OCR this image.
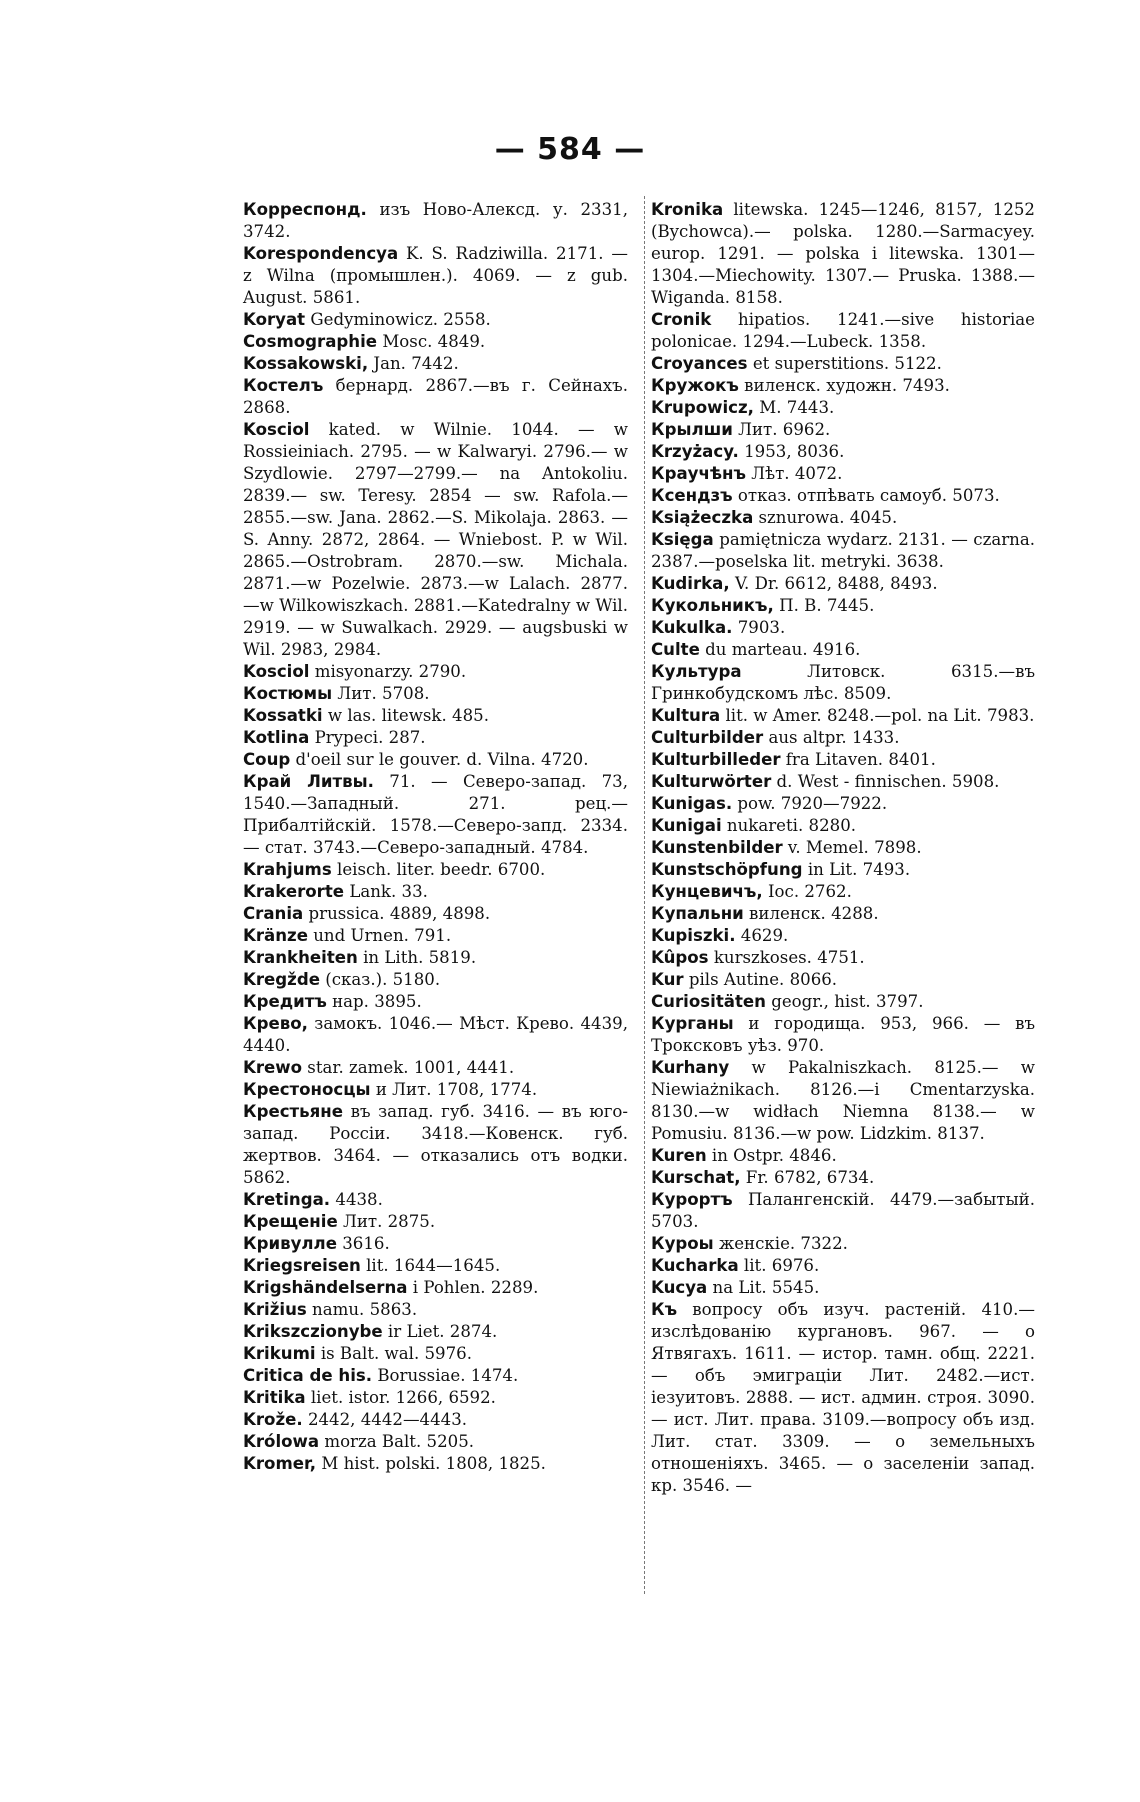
— 584 —

Корреспонд. изъ Ново-Алекcд. у. 2331, 3742.

Korespondencya K. S. Radziwilla. 2171. — z Wilna (промышлен.). 4069. — z gub. August. 5861.

Koryat Gedyminowicz. 2558.

Cosmographie Mosc. 4849.

Kossakowski, Jan. 7442.

Костелъ бернард. 2867.—въ г. Сейнахъ. 2868.

Kosciol kated. w Wilnie. 1044. — w Rossieiniach. 2795. — w Kalwaryi. 2796.— w Szydlowie. 2797—2799.— na Antokoliu. 2839.— sw. Teresy. 2854 — sw. Rafola.— 2855.—sw. Jana. 2862.—S. Mikolaja. 2863. —S. Anny. 2872, 2864. — Wniebost. P. w Wil. 2865.—Ostrobram. 2870.—sw. Michala. 2871.—w Pozelwie. 2873.—w Lalach. 2877. —w Wilkowiszkach. 2881.—Katedralny w Wil. 2919. — w Suwalkach. 2929. — augsbuski w Wil. 2983, 2984.

Kosciol misyonarzy. 2790.

Костюмы Лит. 5708.

Kossatki w las. litewsk. 485.

Kotlina Prypeci. 287.

Coup d'oeil sur le gouver. d. Vilna. 4720.

Край Литвы. 71. — Северо-запад. 73, 1540.—Западный. 271. рец.—Прибалтiйскiй. 1578.—Северо-запд. 2334.— стат. 3743.—Северо-западный. 4784.

Krahjums leisch. liter. beedr. 6700.

Krakerorte Lank. 33.

Crania prussica. 4889, 4898.

Kränze und Urnen. 791.

Krankheiten in Lith. 5819.

Kregžde (сказ.). 5180.

Кредитъ нар. 3895.

Крево, замокъ. 1046.— Мѣст. Крево. 4439, 4440.

Krewo star. zamek. 1001, 4441.

Крестоносцы и Лит. 1708, 1774.

Крестьяне въ запад. губ. 3416. — въ юго-запад. Россiи. 3418.—Ковенск. губ. жертвов. 3464. — отказались отъ водки. 5862.

Kretinga. 4438.

Крещенiе Лит. 2875.

Кривулле 3616.

Kriegsreisen lit. 1644—1645.

Krigshändelserna i Pohlen. 2289.

Križius namu. 5863.

Krikszczionybe ir Liet. 2874.

Krikumi is Balt. wal. 5976.

Critica de his. Borussiae. 1474.

Kritika liet. istor. 1266, 6592.

Krože. 2442, 4442—4443.

Królowa morza Balt. 5205.

Kromer, M hist. polski. 1808, 1825.

Kronika litewska. 1245—1246, 8157, 1252 (Bychowca).— polska. 1280.—Sarmacyey. europ. 1291. — polska i litewska. 1301—1304.—Miechowity. 1307.— Pruska. 1388.—Wiganda. 8158.

Cronik hipatios. 1241.—sive historiae polonicae. 1294.—Lubeck. 1358.

Croyances et superstitions. 5122.

Кружокъ виленск. художн. 7493.

Krupowicz, M. 7443.

Крылши Лит. 6962.

Krzyżacy. 1953, 8036.

Краучѣнъ Лѣт. 4072.

Ксендзъ отказ. отпѣвать самоуб. 5073.

Książeczka sznurowa. 4045.

Księga pamiętnicza wydarz. 2131. — czarna. 2387.—poselska lit. metryki. 3638.

Kudirka, V. Dr. 6612, 8488, 8493.

Кукольникъ, П. В. 7445.

Kukulka. 7903.

Culte du marteau. 4916.

Культура Литовск. 6315.—въ Гринкобудскомъ лѣс. 8509.

Kultura lit. w Amer. 8248.—pol. na Lit. 7983.

Culturbilder aus altpr. 1433.

Kulturbilleder fra Litaven. 8401.

Kulturwörter d. West - finnischen. 5908.

Kunigas. pow. 7920—7922.

Kunigai nukareti. 8280.

Kunstenbilder v. Memel. 7898.

Kunstschöpfung in Lit. 7493.

Кунцевичъ, Іос. 2762.

Купальни виленск. 4288.

Kupiszki. 4629.

Kûpos kurszkoses. 4751.

Kur pils Autine. 8066.

Curiositäten geogr., hist. 3797.

Курганы и городища. 953, 966. — въ Троксковъ уѣз. 970.

Kurhany w Pakalniszkach. 8125.— w Niewiażnikach. 8126.—i Cmentarzyska. 8130.—w widłach Niemna 8138.— w Pomusiu. 8136.—w pow. Lidzkim. 8137.

Kuren in Ostpr. 4846.

Kurschat, Fr. 6782, 6734.

Курортъ Палангенскiй. 4479.—забытый. 5703.

Куроы женскiе. 7322.

Kucharka lit. 6976.

Kucya na Lit. 5545.

Къ вопросу объ изуч. растенiй. 410.— изслѣдованiю кургановъ. 967. — о Ятвягахъ. 1611. — истор. тамн. общ. 2221. — объ эмиграцiи Лит. 2482.—ист. iезуитовъ. 2888. — ист. админ. строя. 3090. — ист. Лит. права. 3109.—вопросу объ изд. Лит. стат. 3309. — о земельныхъ отношенiяхъ. 3465. — о заселенiи запад. кр. 3546. —
